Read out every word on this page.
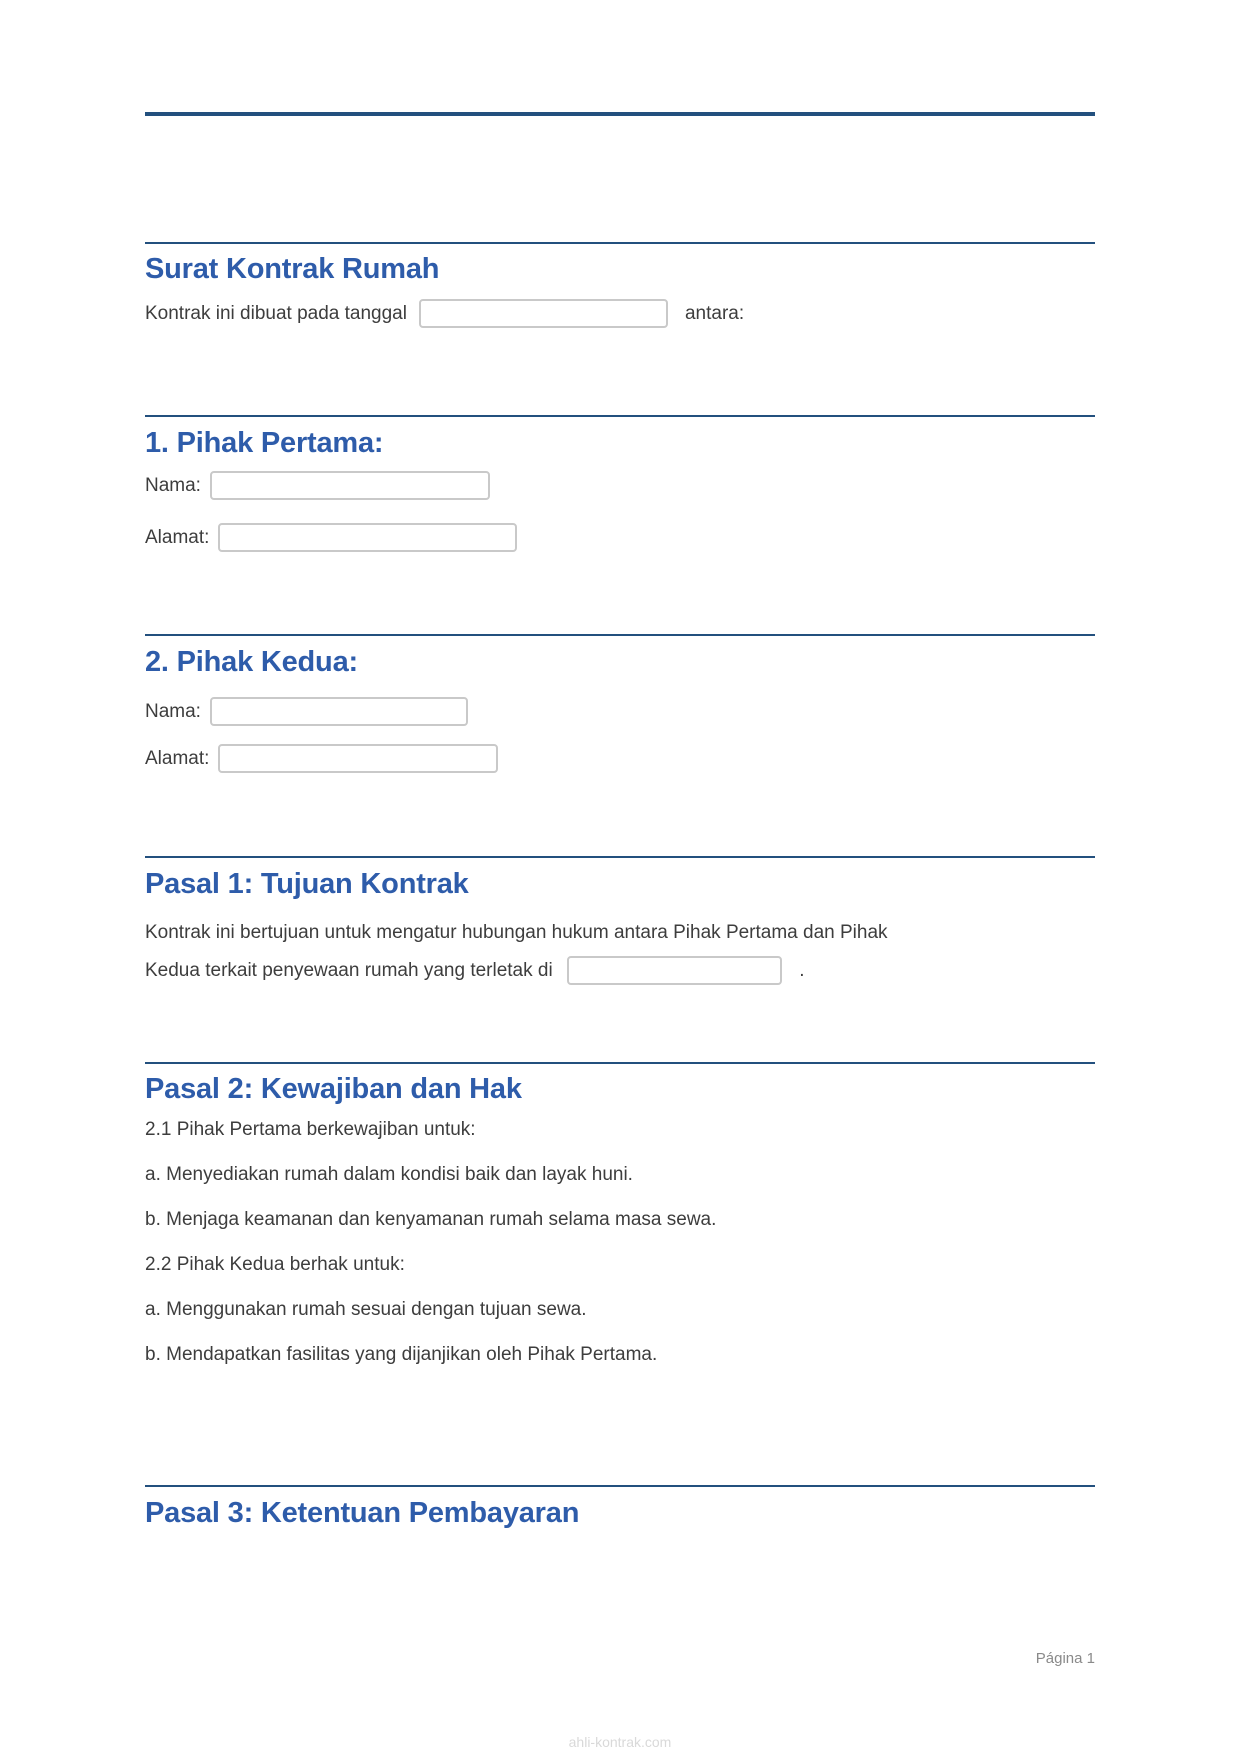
Surat Kontrak Rumah
Kontrak ini dibuat pada tanggal	antara:
1. Pihak Pertama:
Nama:
Alamat:
2. Pihak Kedua:
Nama:
Alamat:
Pasal 1: Tujuan Kontrak
Kontrak ini bertujuan untuk mengatur hubungan hukum antara Pihak Pertama dan Pihak
Kedua terkait penyewaan rumah yang terletak di	.
Pasal 2: Kewajiban dan Hak

2.1 Pihak Pertama berkewajiban untuk:

a. Menyediakan rumah dalam kondisi baik dan layak huni.

b. Menjaga keamanan dan kenyamanan rumah selama masa sewa.

2.2 Pihak Kedua berhak untuk:

a. Menggunakan rumah sesuai dengan tujuan sewa.

b. Mendapatkan fasilitas yang dijanjikan oleh Pihak Pertama.

Pasal 3: Ketentuan Pembayaran
Página 1
ahli-kontrak.com
